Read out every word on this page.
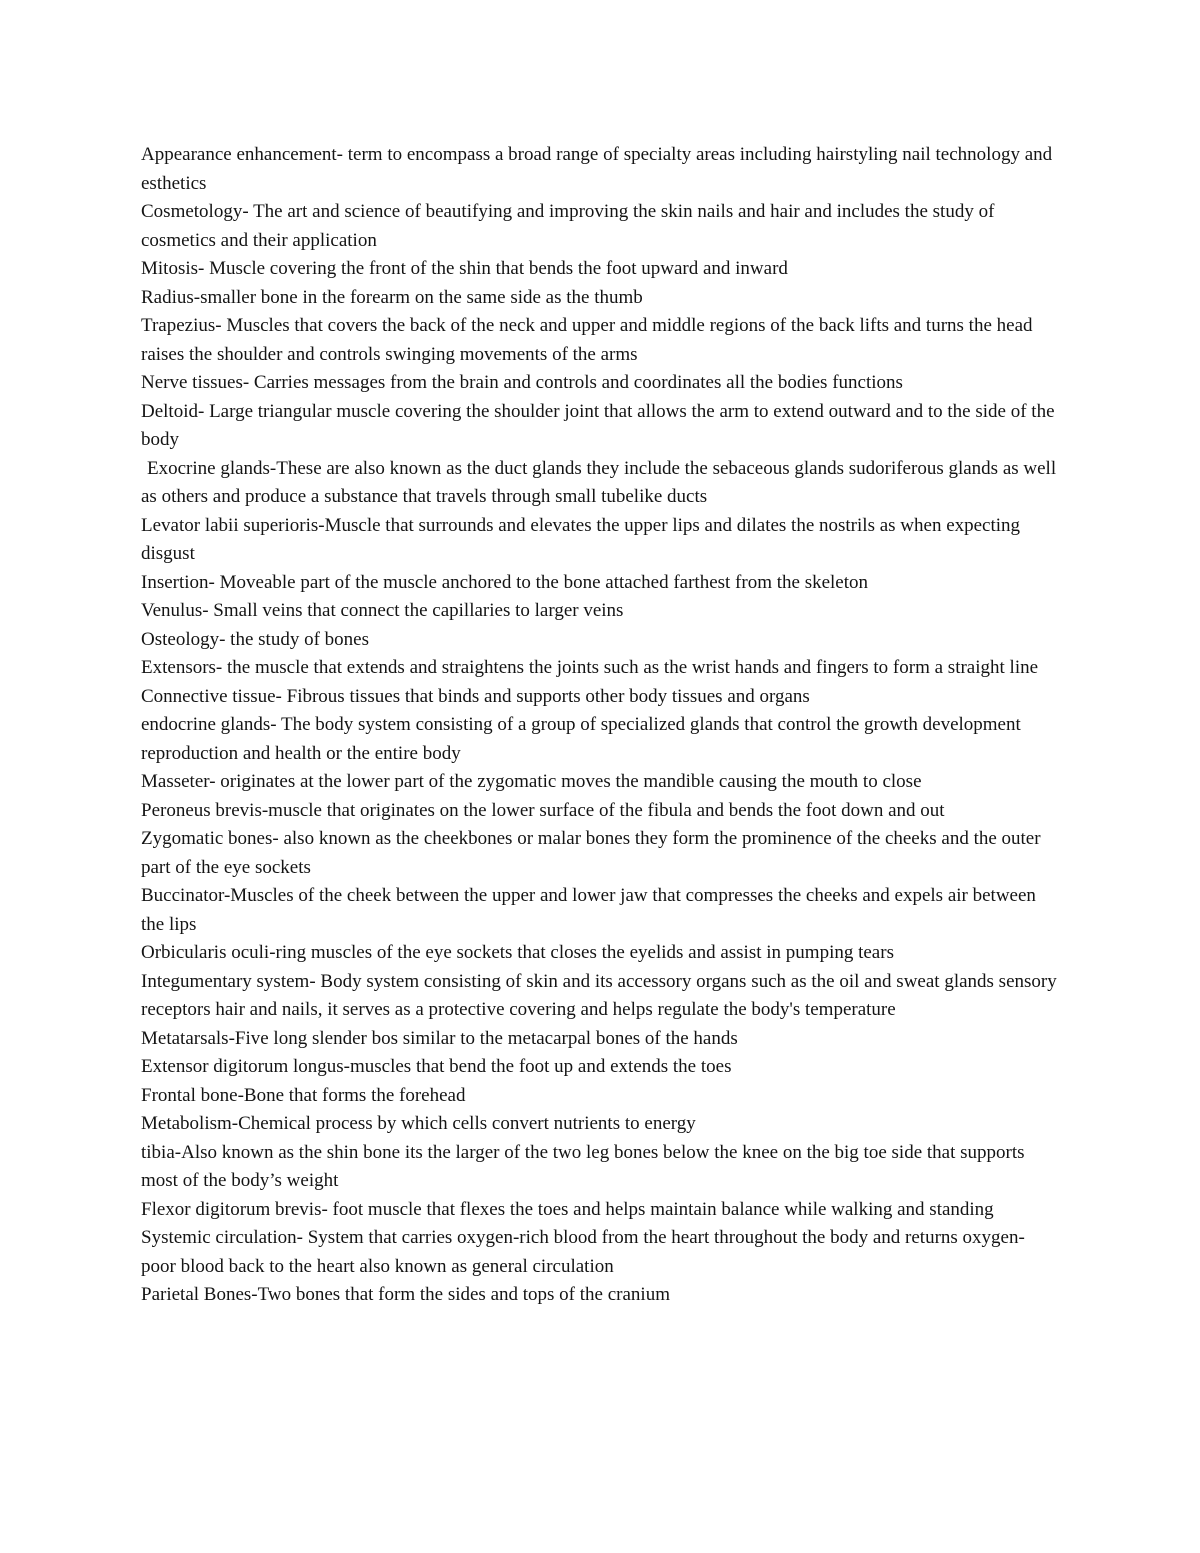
Appearance enhancement- term to encompass a broad range of specialty areas including hairstyling nail technology and esthetics

Cosmetology- The art and science of beautifying and improving the skin nails and hair and includes the study of cosmetics and their application

Mitosis- Muscle covering the front of the shin that bends the foot upward and inward

Radius-smaller bone in the forearm on the same side as the thumb

Trapezius- Muscles that covers the back of the neck and upper and middle regions of the back lifts and turns the head raises the shoulder and controls swinging movements of the arms

Nerve tissues- Carries messages from the brain and controls and coordinates all the bodies functions

Deltoid- Large triangular muscle covering the shoulder joint that allows the arm to extend outward and to the side of the body

Exocrine glands-These are also known as the duct glands they include the sebaceous glands sudoriferous glands as well as others and produce a substance that travels through small tubelike ducts

Levator labii superioris-Muscle that surrounds and elevates the upper lips and dilates the nostrils as when expecting disgust

Insertion- Moveable part of the muscle anchored to the bone attached farthest from the skeleton

Venulus- Small veins that connect the capillaries to larger veins

Osteology- the study of bones

Extensors- the muscle that extends and straightens the joints such as the wrist hands and fingers to form a straight line

Connective tissue- Fibrous tissues that binds and supports other body tissues and organs

endocrine glands- The body system consisting of a group of specialized glands that control the growth development reproduction and health or the entire body

Masseter- originates at the lower part of the zygomatic moves the mandible causing the mouth to close

Peroneus brevis-muscle that originates on the lower surface of the fibula and bends the foot down and out

Zygomatic bones- also known as the cheekbones or malar bones they form the prominence of the cheeks and the outer part of the eye sockets

Buccinator-Muscles of the cheek between the upper and lower jaw that compresses the cheeks and expels air between the lips

Orbicularis oculi-ring muscles of the eye sockets that closes the eyelids and assist in pumping tears

Integumentary system- Body system consisting of skin and its accessory organs such as the oil and sweat glands sensory receptors hair and nails, it serves as a protective covering and helps regulate the body's temperature

Metatarsals-Five long slender bos similar to the metacarpal bones of the hands

Extensor digitorum longus-muscles that bend the foot up and extends the toes

Frontal bone-Bone that forms the forehead

Metabolism-Chemical process by which cells convert nutrients to energy

tibia-Also known as the shin bone its the larger of the two leg bones below the knee on the big toe side that supports most of the body’s weight

Flexor digitorum brevis- foot muscle that flexes the toes and helps maintain balance while walking and standing

Systemic circulation- System that carries oxygen-rich blood from the heart throughout the body and returns oxygen- poor blood back to the heart also known as general circulation

Parietal Bones-Two bones that form the sides and tops of the cranium
